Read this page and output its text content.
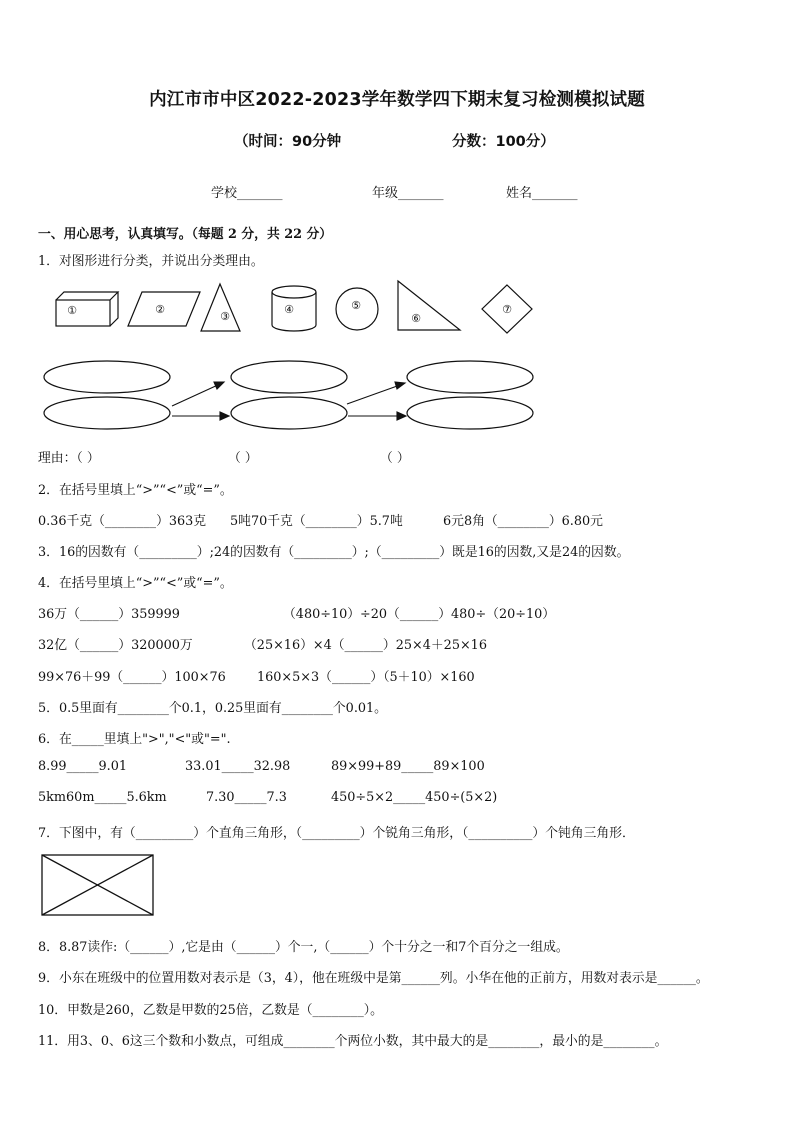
内江市市中区2022-2023学年数学四下期末复习检测模拟试题
（时间：90分钟	分数：100分）
学校_______	年级_______	姓名_______
一、用心思考，认真填写。（每题 2 分，共 22 分）
1．对图形进行分类，并说出分类理由。
①	②
③
④	⑤
⑥
⑦
理由：（ ）	（ ）	（ ）
2．在括号里填上“>”“<”或“=”。
0.36千克（________）363克 5吨70千克（________）5.7吨	6元8角（________）6.80元
3．16的因数有（_________）;24的因数有（_________）;（_________）既是16的因数,又是24的因数。
4．在括号里填上“>”“<”或“=”。
36万（______）359999	（480÷10）÷20（______）480÷（20÷10）
32亿（______）320000万	（25×16）×4（______）25×4＋25×16
99×76＋99（______）100×76 160×5×3（______）（5＋10）×160
5．0.5里面有________个0.1，0.25里面有________个0.01。
6．在_____里填上">","<"或"=".
8.99_____9.01	33.01_____32.98	89×99+89_____89×100
5km60m_____5.6km	7.30_____7.3	450÷5×2_____450÷(5×2)
7．下图中，有（_________）个直角三角形，（_________）个锐角三角形，（__________）个钝角三角形．
8．8.87读作:（______）,它是由（______）个一,（______）个十分之一和7个百分之一组成。
9．小东在班级中的位置用数对表示是（3，4），他在班级中是第______列。小华在他的正前方，用数对表示是______。
10．甲数是260，乙数是甲数的25倍，乙数是（________）。
11．用3、0、6这三个数和小数点，可组成________个两位小数，其中最大的是________，最小的是________。
